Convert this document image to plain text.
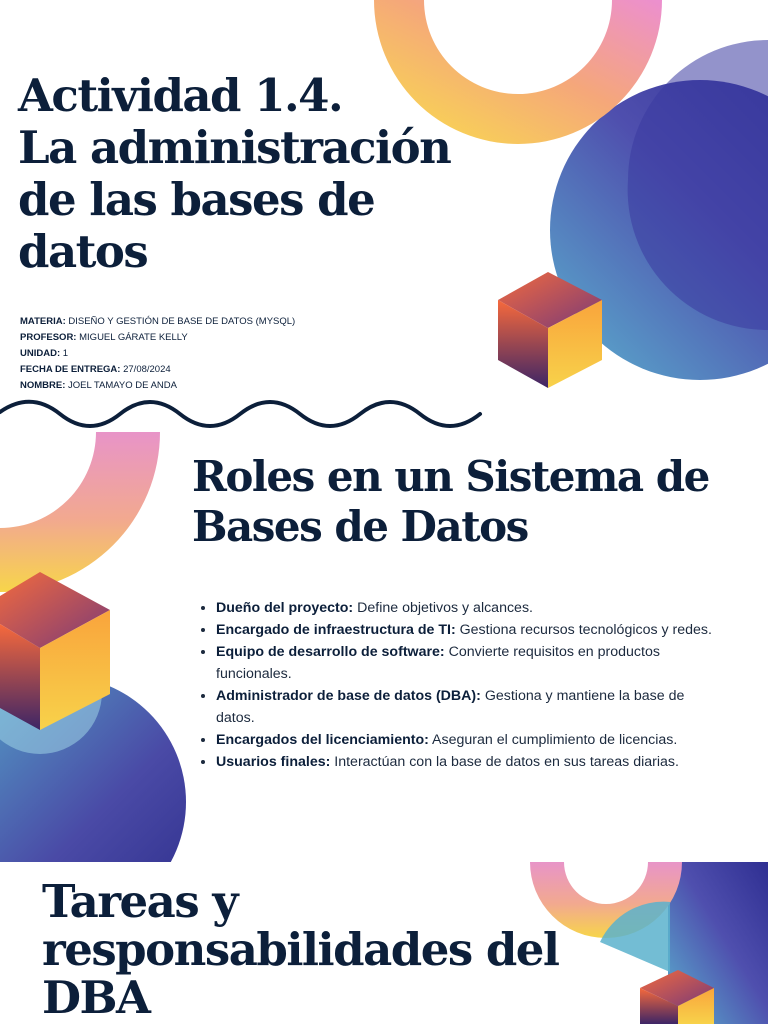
Actividad 1.4.
La administración
de las bases de
datos
MATERIA: DISEÑO Y GESTIÓN DE BASE DE DATOS (MYSQL)
PROFESOR: MIGUEL GÁRATE KELLY
UNIDAD: 1
FECHA DE ENTREGA: 27/08/2024
NOMBRE: JOEL TAMAYO DE ANDA
Roles en un Sistema de
Bases de Datos
• Dueño del proyecto: Define objetivos y alcances.
• Encargado de infraestructura de TI: Gestiona recursos tecnológicos y redes.
• Equipo de desarrollo de software: Convierte requisitos en productos funcionales.
• Administrador de base de datos (DBA): Gestiona y mantiene la base de datos.
• Encargados del licenciamiento: Aseguran el cumplimiento de licencias.
• Usuarios finales: Interactúan con la base de datos en sus tareas diarias.
Tareas y
responsabilidades del
DBA
